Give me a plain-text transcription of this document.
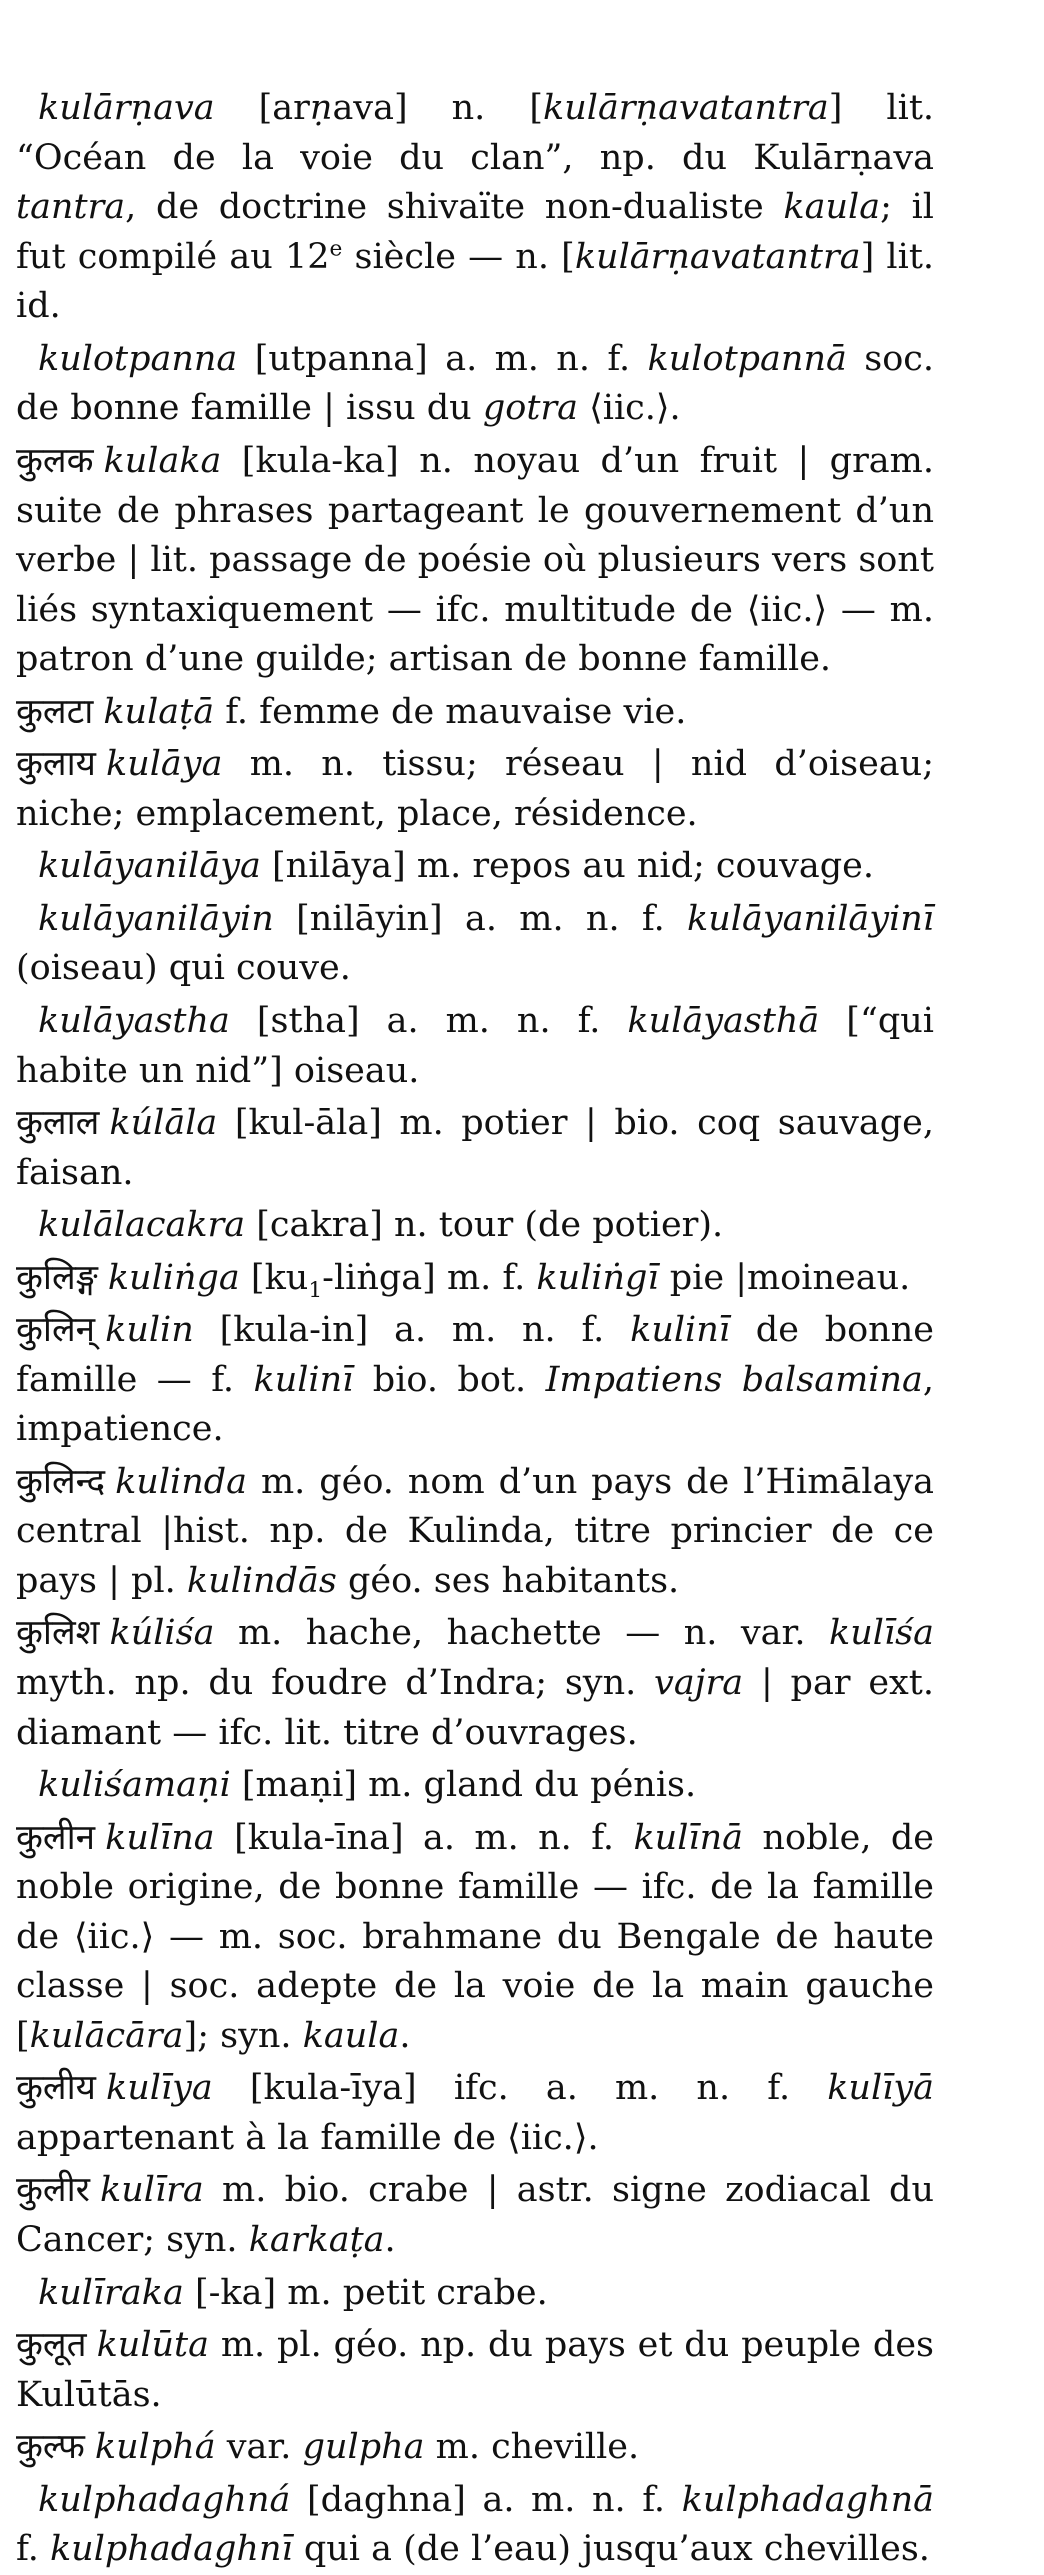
kulārṇava [arṇava] n. [kulārṇavatantra] lit. “Océan de la voie du clan”, np. du Kulārṇava tantra, de doctrine shivaïte non-dualiste kaula; il fut compilé au 12e siècle — n. [kulārṇavatantra] lit. id.

kulotpanna [utpanna] a. m. n. f. kulotpannā soc. de bonne famille | issu du gotra ⟨iic.⟩.

कुलक kulaka [kula-ka] n. noyau d’un fruit | gram. suite de phrases partageant le gouvernement d’un verbe | lit. passage de poésie où plusieurs vers sont liés syntaxiquement — ifc. multitude de ⟨iic.⟩ — m. patron d’une guilde; artisan de bonne famille.

कुलटा kulaṭā f. femme de mauvaise vie.

कुलाय kulāya m. n. tissu; réseau | nid d’oiseau; niche; emplacement, place, résidence.

kulāyanilāya [nilāya] m. repos au nid; couvage.

kulāyanilāyin [nilāyin] a. m. n. f. kulāyanilāyinī (oiseau) qui couve.

kulāyastha [stha] a. m. n. f. kulāyasthā [“qui habite un nid”] oiseau.

कुलाल kúlāla [kul-āla] m. potier | bio. coq sauvage, faisan.

kulālacakra [cakra] n. tour (de potier).

कुलिङ्ग kuliṅga $[ku_1-liṅga]$ m. f. kuliṅgī pie |moineau.

कुलिन् kulin [kula-in] a. m. n. f. kulinī de bonne famille — f. kulinī bio. bot. Impatiens balsamina, impatience.

कुलिन्द kulinda m. géo. nom d’un pays de l’Himālaya central |hist. np. de Kulinda, titre princier de ce pays | pl. kulindās géo. ses habitants.

कुलिश kúliśa m. hache, hachette — n. var. kulīśa myth. np. du foudre d’Indra; syn. vajra | par ext. diamant — ifc. lit. titre d’ouvrages.

kuliśamaṇi [maṇi] m. gland du pénis.

कुलीन kulīna [kula-īna] a. m. n. f. kulīnā noble, de noble origine, de bonne famille — ifc. de la famille de ⟨iic.⟩ — m. soc. brahmane du Bengale de haute classe | soc. adepte de la voie de la main gauche [kulācāra]; syn. kaula.

कुलीय kulīya [kula-īya] ifc. a. m. n. f. kulīyā appartenant à la famille de ⟨iic.⟩.

कुलीर kulīra m. bio. crabe | astr. signe zodiacal du Cancer; syn. karkaṭa.

kulīraka [-ka] m. petit crabe.

कुलूत kulūta m. pl. géo. np. du pays et du peuple des Kulūtās.

कुल्फ kulphá var. gulpha m. cheville.

kulphadaghná [daghna] a. m. n. f. kulphadaghnā f. kulphadaghnī qui a (de l’eau) jusqu’aux chevilles.
